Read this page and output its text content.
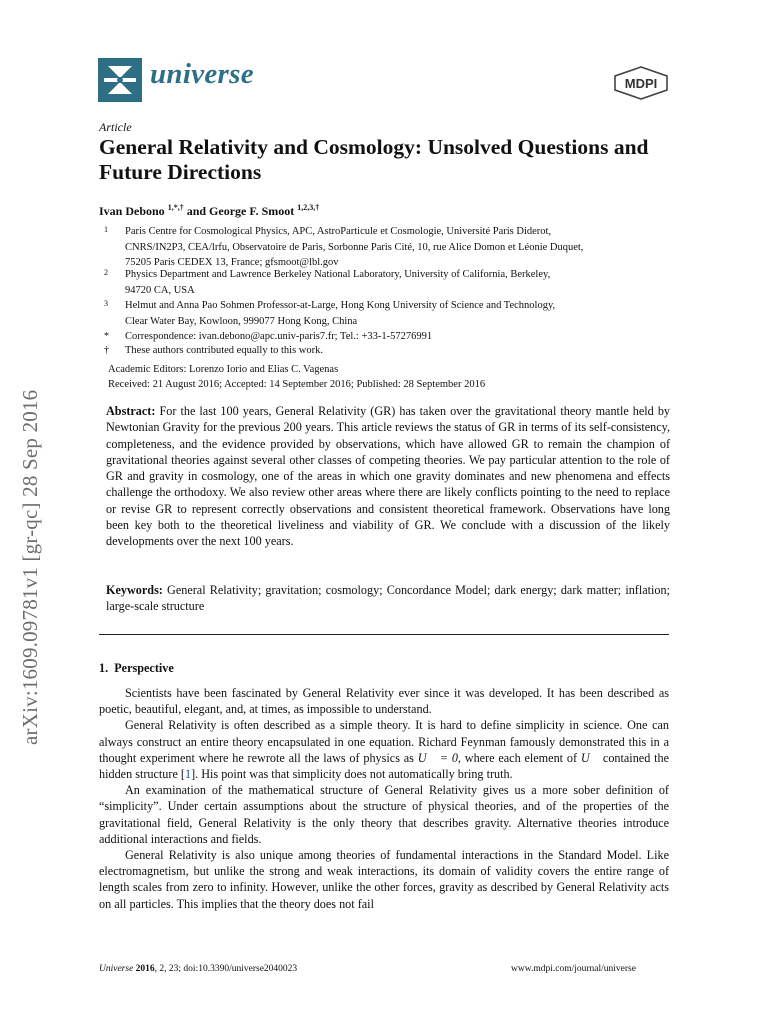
arXiv:1609.09781v1 [gr-qc] 28 Sep 2016
universe	MDPI
Article
General Relativity and Cosmology: Unsolved Questions and Future Directions
Ivan Debono $^{1,*,\dagger}$ and George F. Smoot $^{1,2,3,\dagger}$
1 Paris Centre for Cosmological Physics, APC, AstroParticule et Cosmologie, Université Paris Diderot,
CNRS/IN2P3, CEA/lrfu, Observatoire de Paris, Sorbonne Paris Cité, 10, rue Alice Domon et Léonie Duquet,
75205 Paris CEDEX 13, France; gfsmoot@lbl.gov
2 Physics Department and Lawrence Berkeley National Laboratory, University of California, Berkeley,
94720 CA, USA
3 Helmut and Anna Pao Sohmen Professor-at-Large, Hong Kong University of Science and Technology,
Clear Water Bay, Kowloon, 999077 Hong Kong, China
* Correspondence: ivan.debono@apc.univ-paris7.fr; Tel.: +33-1-57276991
† These authors contributed equally to this work.
Academic Editors: Lorenzo Iorio and Elias C. Vagenas
Received: 21 August 2016; Accepted: 14 September 2016; Published: 28 September 2016
Abstract: For the last 100 years, General Relativity (GR) has taken over the gravitational theory mantle held by Newtonian Gravity for the previous 200 years. This article reviews the status of GR in terms of its self-consistency, completeness, and the evidence provided by observations, which have allowed GR to remain the champion of gravitational theories against several other classes of competing theories. We pay particular attention to the role of GR and gravity in cosmology, one of the areas in which one gravity dominates and new phenomena and effects challenge the orthodoxy. We also review other areas where there are likely conflicts pointing to the need to replace or revise GR to represent correctly observations and consistent theoretical framework. Observations have long been key both to the theoretical liveliness and viability of GR. We conclude with a discussion of the likely developments over the next 100 years.
Keywords: General Relativity; gravitation; cosmology; Concordance Model; dark energy; dark matter; inflation; large-scale structure
1. Perspective

Scientists have been fascinated by General Relativity ever since it was developed. It has been described as poetic, beautiful, elegant, and, at times, as impossible to understand.

General Relativity is often described as a simple theory. It is hard to define simplicity in science. One can always construct an entire theory encapsulated in one equation. Richard Feynman famously demonstrated this in a thought experiment where he rewrote all the laws of physics as U⃗ = 0, where each element of U⃗ contained the hidden structure [1]. His point was that simplicity does not automatically bring truth.

An examination of the mathematical structure of General Relativity gives us a more sober definition of “simplicity”. Under certain assumptions about the structure of physical theories, and of the properties of the gravitational field, General Relativity is the only theory that describes gravity. Alternative theories introduce additional interactions and fields.

General Relativity is also unique among theories of fundamental interactions in the Standard Model. Like electromagnetism, but unlike the strong and weak interactions, its domain of validity covers the entire range of length scales from zero to infinity. However, unlike the other forces, gravity as described by General Relativity acts on all particles. This implies that the theory does not fail

Universe 2016, 2, 23; doi:10.3390/universe2040023	www.mdpi.com/journal/universe
